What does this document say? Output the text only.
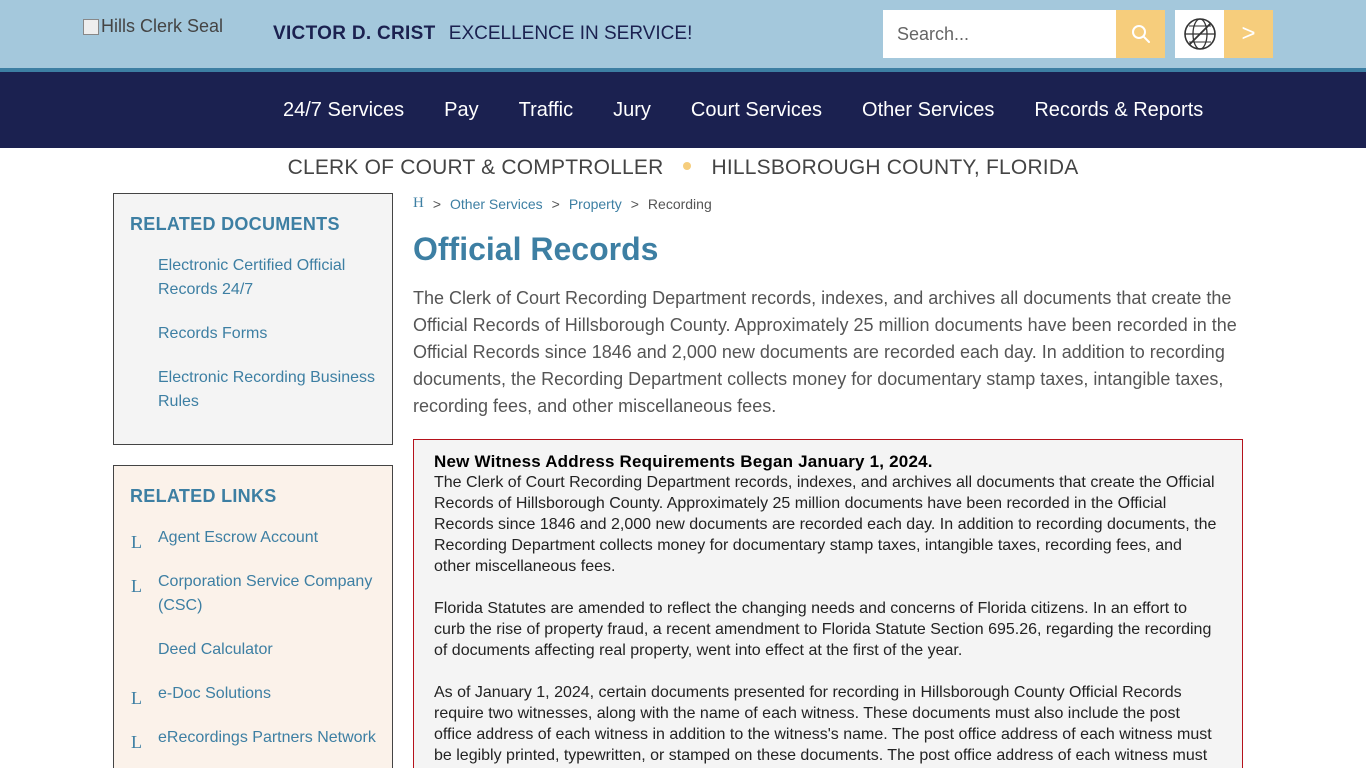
Hills Clerk Seal	VICTOR D. CRIST EXCELLENCE IN SERVICE!
Search...	>
24/7 Services	Pay	Traffic	Jury	Court Services	Other Services	Records & Reports
CLERK OF COURT & COMPTROLLER HILLSBOROUGH COUNTY, FLORIDA
RELATED DOCUMENTS
Electronic Certified Official Records 24/7
Records Forms
Electronic Recording Business Rules
RELATED LINKS
L Agent Escrow Account
L Corporation Service Company (CSC)
Deed Calculator
L e-Doc Solutions
L eRecordings Partners Network
H > Other Services > Property > Recording
Official Records

The Clerk of Court Recording Department records, indexes, and archives all documents that create the Official Records of Hillsborough County. Approximately 25 million documents have been recorded in the Official Records since 1846 and 2,000 new documents are recorded each day. In addition to recording documents, the Recording Department collects money for documentary stamp taxes, intangible taxes, recording fees, and other miscellaneous fees.

New Witness Address Requirements Began January 1, 2024.

The Clerk of Court Recording Department records, indexes, and archives all documents that create the Official Records of Hillsborough County. Approximately 25 million documents have been recorded in the Official Records since 1846 and 2,000 new documents are recorded each day. In addition to recording documents, the Recording Department collects money for documentary stamp taxes, intangible taxes, recording fees, and other miscellaneous fees.

Florida Statutes are amended to reflect the changing needs and concerns of Florida citizens. In an effort to curb the rise of property fraud, a recent amendment to Florida Statute Section 695.26, regarding the recording of documents affecting real property, went into effect at the first of the year.

As of January 1, 2024, certain documents presented for recording in Hillsborough County Official Records require two witnesses, along with the name of each witness. These documents must also include the post office address of each witness in addition to the witness's name. The post office address of each witness must be legibly printed, typewritten, or stamped on these documents. The post office address of each witness must
